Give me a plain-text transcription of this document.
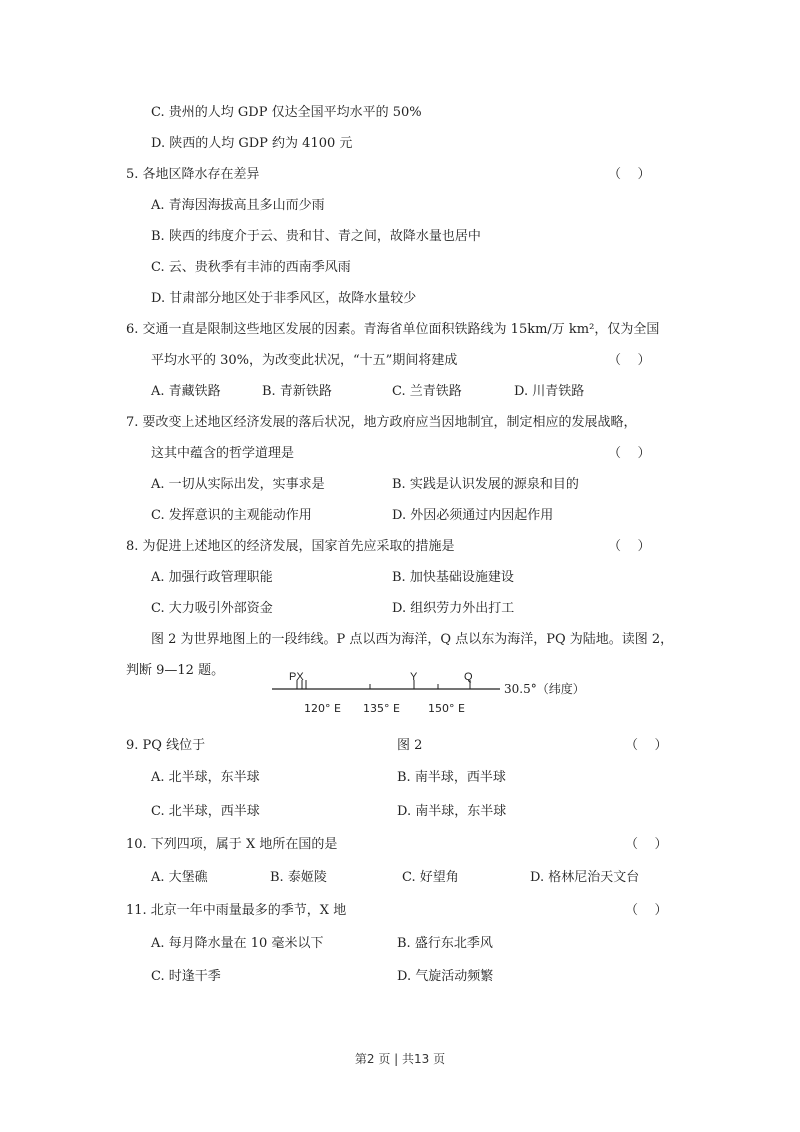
C. 贵州的人均 GDP 仅达全国平均水平的 50%
D. 陕西的人均 GDP 约为 4100 元
5. 各地区降水存在差异	（    ）
A. 青海因海拔高且多山而少雨
B. 陕西的纬度介于云、贵和甘、青之间，故降水量也居中
C. 云、贵秋季有丰沛的西南季风雨
D. 甘肃部分地区处于非季风区，故降水量较少
6. 交通一直是限制这些地区发展的因素。青海省单位面积铁路线为 15km/万 km²，仅为全国
平均水平的 30%，为改变此状况，“十五”期间将建成	（    ）
A. 青藏铁路	B. 青新铁路	C. 兰青铁路	D. 川青铁路
7. 要改变上述地区经济发展的落后状况，地方政府应当因地制宜，制定相应的发展战略，
这其中蕴含的哲学道理是	（    ）
A. 一切从实际出发，实事求是	B. 实践是认识发展的源泉和目的
C. 发挥意识的主观能动作用	D. 外因必须通过内因起作用
8. 为促进上述地区的经济发展，国家首先应采取的措施是	（    ）
A. 加强行政管理职能	B. 加快基础设施建设
C. 大力吸引外部资金	D. 组织劳力外出打工
图 2 为世界地图上的一段纬线。P 点以西为海洋，Q 点以东为海洋，PQ 为陆地。读图 2，
判断 9—12 题。	PX	Y	Q
30.5°（纬度）
120° E 135° E	150° E
9. PQ 线位于	图 2	（    ）
A. 北半球，东半球	B. 南半球，西半球
C. 北半球，西半球	D. 南半球，东半球
10. 下列四项，属于 X 地所在国的是	（    ）
A. 大堡礁	B. 泰姬陵	C. 好望角	D. 格林尼治天文台
11. 北京一年中雨量最多的季节，X 地	（    ）
A. 每月降水量在 10 毫米以下	B. 盛行东北季风
C. 时逢干季	D. 气旋活动频繁
第2 页 | 共13 页
